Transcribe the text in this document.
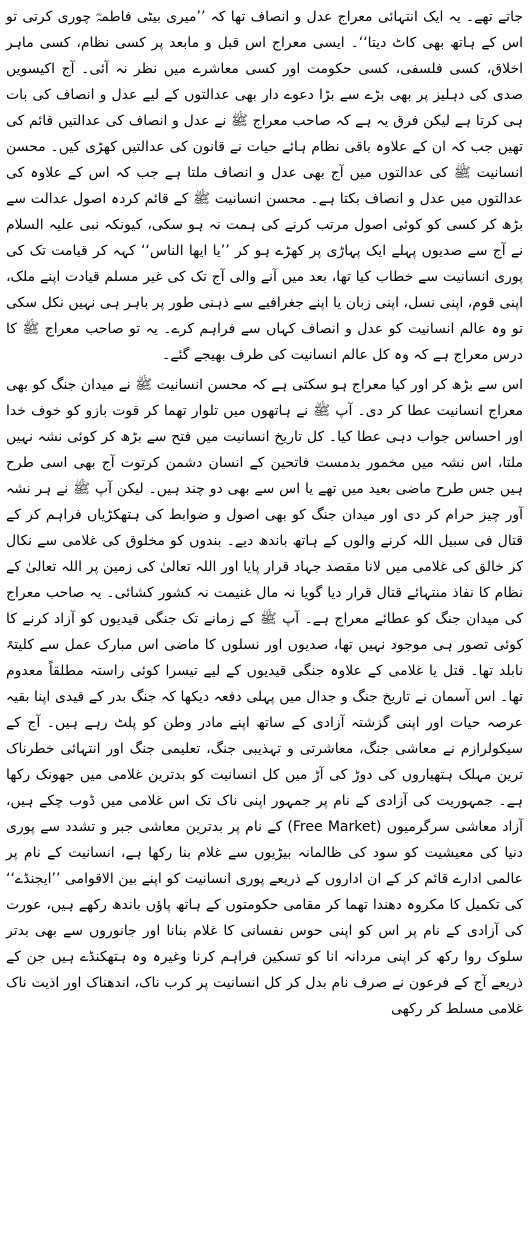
جاتے تھے۔ یہ ایک انتہائی معراج عدل و انصاف تھا کہ ’’میری بیٹی فاطمہؓ چوری کرتی تو اس کے ہاتھ بھی کاٹ دیتا‘‘۔ ایسی معراج اس قبل و مابعد پر کسی نظام، کسی ماہر اخلاق، کسی فلسفی، کسی حکومت اور کسی معاشرے میں نظر نہ آئی۔ آج اکیسویں صدی کی دہلیز پر بھی بڑے سے بڑا دعوے دار بھی عدالتوں کے لیے عدل و انصاف کی بات ہی کرتا ہے لیکن فرق یہ ہے کہ صاحب معراج ﷺ نے عدل و انصاف کی عدالتیں قائم کی تھیں جب کہ ان کے علاوہ باقی نظام ہائے حیات نے قانون کی عدالتیں کھڑی کیں۔ محسن انسانیت ﷺ کی عدالتوں میں آج بھی عدل و انصاف ملتا ہے جب کہ اس کے علاوہ کی عدالتوں میں عدل و انصاف بکتا ہے۔ محسن انسانیت ﷺ کے قائم کردہ اصول عدالت سے بڑھ کر کسی کو کوئی اصول مرتب کرنے کی ہمت نہ ہو سکی، کیونکہ نبی علیہ السلام نے آج سے صدیوں پہلے ایک پہاڑی پر کھڑے ہو کر ’’یا ایھا الناس‘‘ کہہ کر قیامت تک کی پوری انسانیت سے خطاب کیا تھا، بعد میں آنے والی آج تک کی غیر مسلم قیادت اپنے ملک، اپنی قوم، اپنی نسل، اپنی زبان یا اپنے جغرافیے سے ذہنی طور پر باہر ہی نہیں نکل سکی تو وہ عالم انسانیت کو عدل و انصاف کہاں سے فراہم کرے۔ یہ تو صاحب معراج ﷺ کا درس معراج ہے کہ وہ کل عالم انسانیت کی طرف بھیجے گئے۔

اس سے بڑھ کر اور کیا معراج ہو سکتی ہے کہ محسن انسانیت ﷺ نے میدان جنگ کو بھی معراج انسانیت عطا کر دی۔ آپ ﷺ نے ہاتھوں میں تلوار تھما کر قوت بازو کو خوف خدا اور احساس جواب دہی عطا کیا۔ کل تاریخ انسانیت میں فتح سے بڑھ کر کوئی نشہ نہیں ملتا، اس نشہ میں مخمور بدمست فاتحین کے انسان دشمن کرتوت آج بھی اسی طرح ہیں جس طرح ماضی بعید میں تھے یا اس سے بھی دو چند ہیں۔ لیکن آپ ﷺ نے ہر نشہ آور چیز حرام کر دی اور میدان جنگ کو بھی اصول و ضوابط کی ہتھکڑیاں فراہم کر کے قتال فی سبیل اللہ کرنے والوں کے ہاتھ باندھ دیے۔ بندوں کو مخلوق کی غلامی سے نکال کر خالق کی غلامی میں لانا مقصد جہاد قرار پایا اور اللہ تعالیٰ کی زمین پر اللہ تعالیٰ کے نظام کا نفاذ منتہائے قتال قرار دیا گویا نہ مال غنیمت نہ کشور کشائی۔ یہ صاحب معراج کی میدان جنگ کو عطائے معراج ہے۔ آپ ﷺ کے زمانے تک جنگی قیدیوں کو آزاد کرنے کا کوئی تصور ہی موجود نہیں تھا، صدیوں اور نسلوں کا ماضی اس مبارک عمل سے کلیتہً نابلد تھا۔ قتل یا غلامی کے علاوہ جنگی قیدیوں کے لیے تیسرا کوئی راستہ مطلقاً معدوم تھا۔ اس آسمان نے تاریخ جنگ و جدال میں پہلی دفعہ دیکھا کہ جنگ بدر کے قیدی اپنا بقیہ عرصہ حیات اور اپنی گزشتہ آزادی کے ساتھ اپنے مادر وطن کو پلٹ رہے ہیں۔ آج کے سیکولرازم نے معاشی جنگ، معاشرتی و تہذیبی جنگ، تعلیمی جنگ اور انتہائی خطرناک ترین مہلک ہتھیاروں کی دوڑ کی آڑ میں کل انسانیت کو بدترین غلامی میں جھونک رکھا ہے۔ جمہوریت کی آزادی کے نام پر جمہور اپنی ناک تک اس غلامی میں ڈوب چکے ہیں، آزاد معاشی سرگرمیوں (Free Market) کے نام پر بدترین معاشی جبر و تشدد سے پوری دنیا کی معیشیت کو سود کی ظالمانہ بیڑیوں سے غلام بنا رکھا ہے، انسانیت کے نام پر عالمی ادارے قائم کر کے ان اداروں کے ذریعے پوری انسانیت کو اپنے بین الاقوامی ’’ایجنڈے‘‘ کی تکمیل کا مکروہ دھندا تھما کر مقامی حکومتوں کے ہاتھ پاؤں باندھ رکھے ہیں، عورت کی آزادی کے نام پر اس کو اپنی حوس نفسانی کا غلام بنانا اور جانوروں سے بھی بدتر سلوک روا رکھ کر اپنی مردانہ انا کو تسکین فراہم کرنا وغیرہ وہ ہتھکنڈے ہیں جن کے ذریعے آج کے فرعون نے صرف نام بدل کر کل انسانیت پر کرب ناک، اندھناک اور اذیت ناک غلامی مسلط کر رکھی
